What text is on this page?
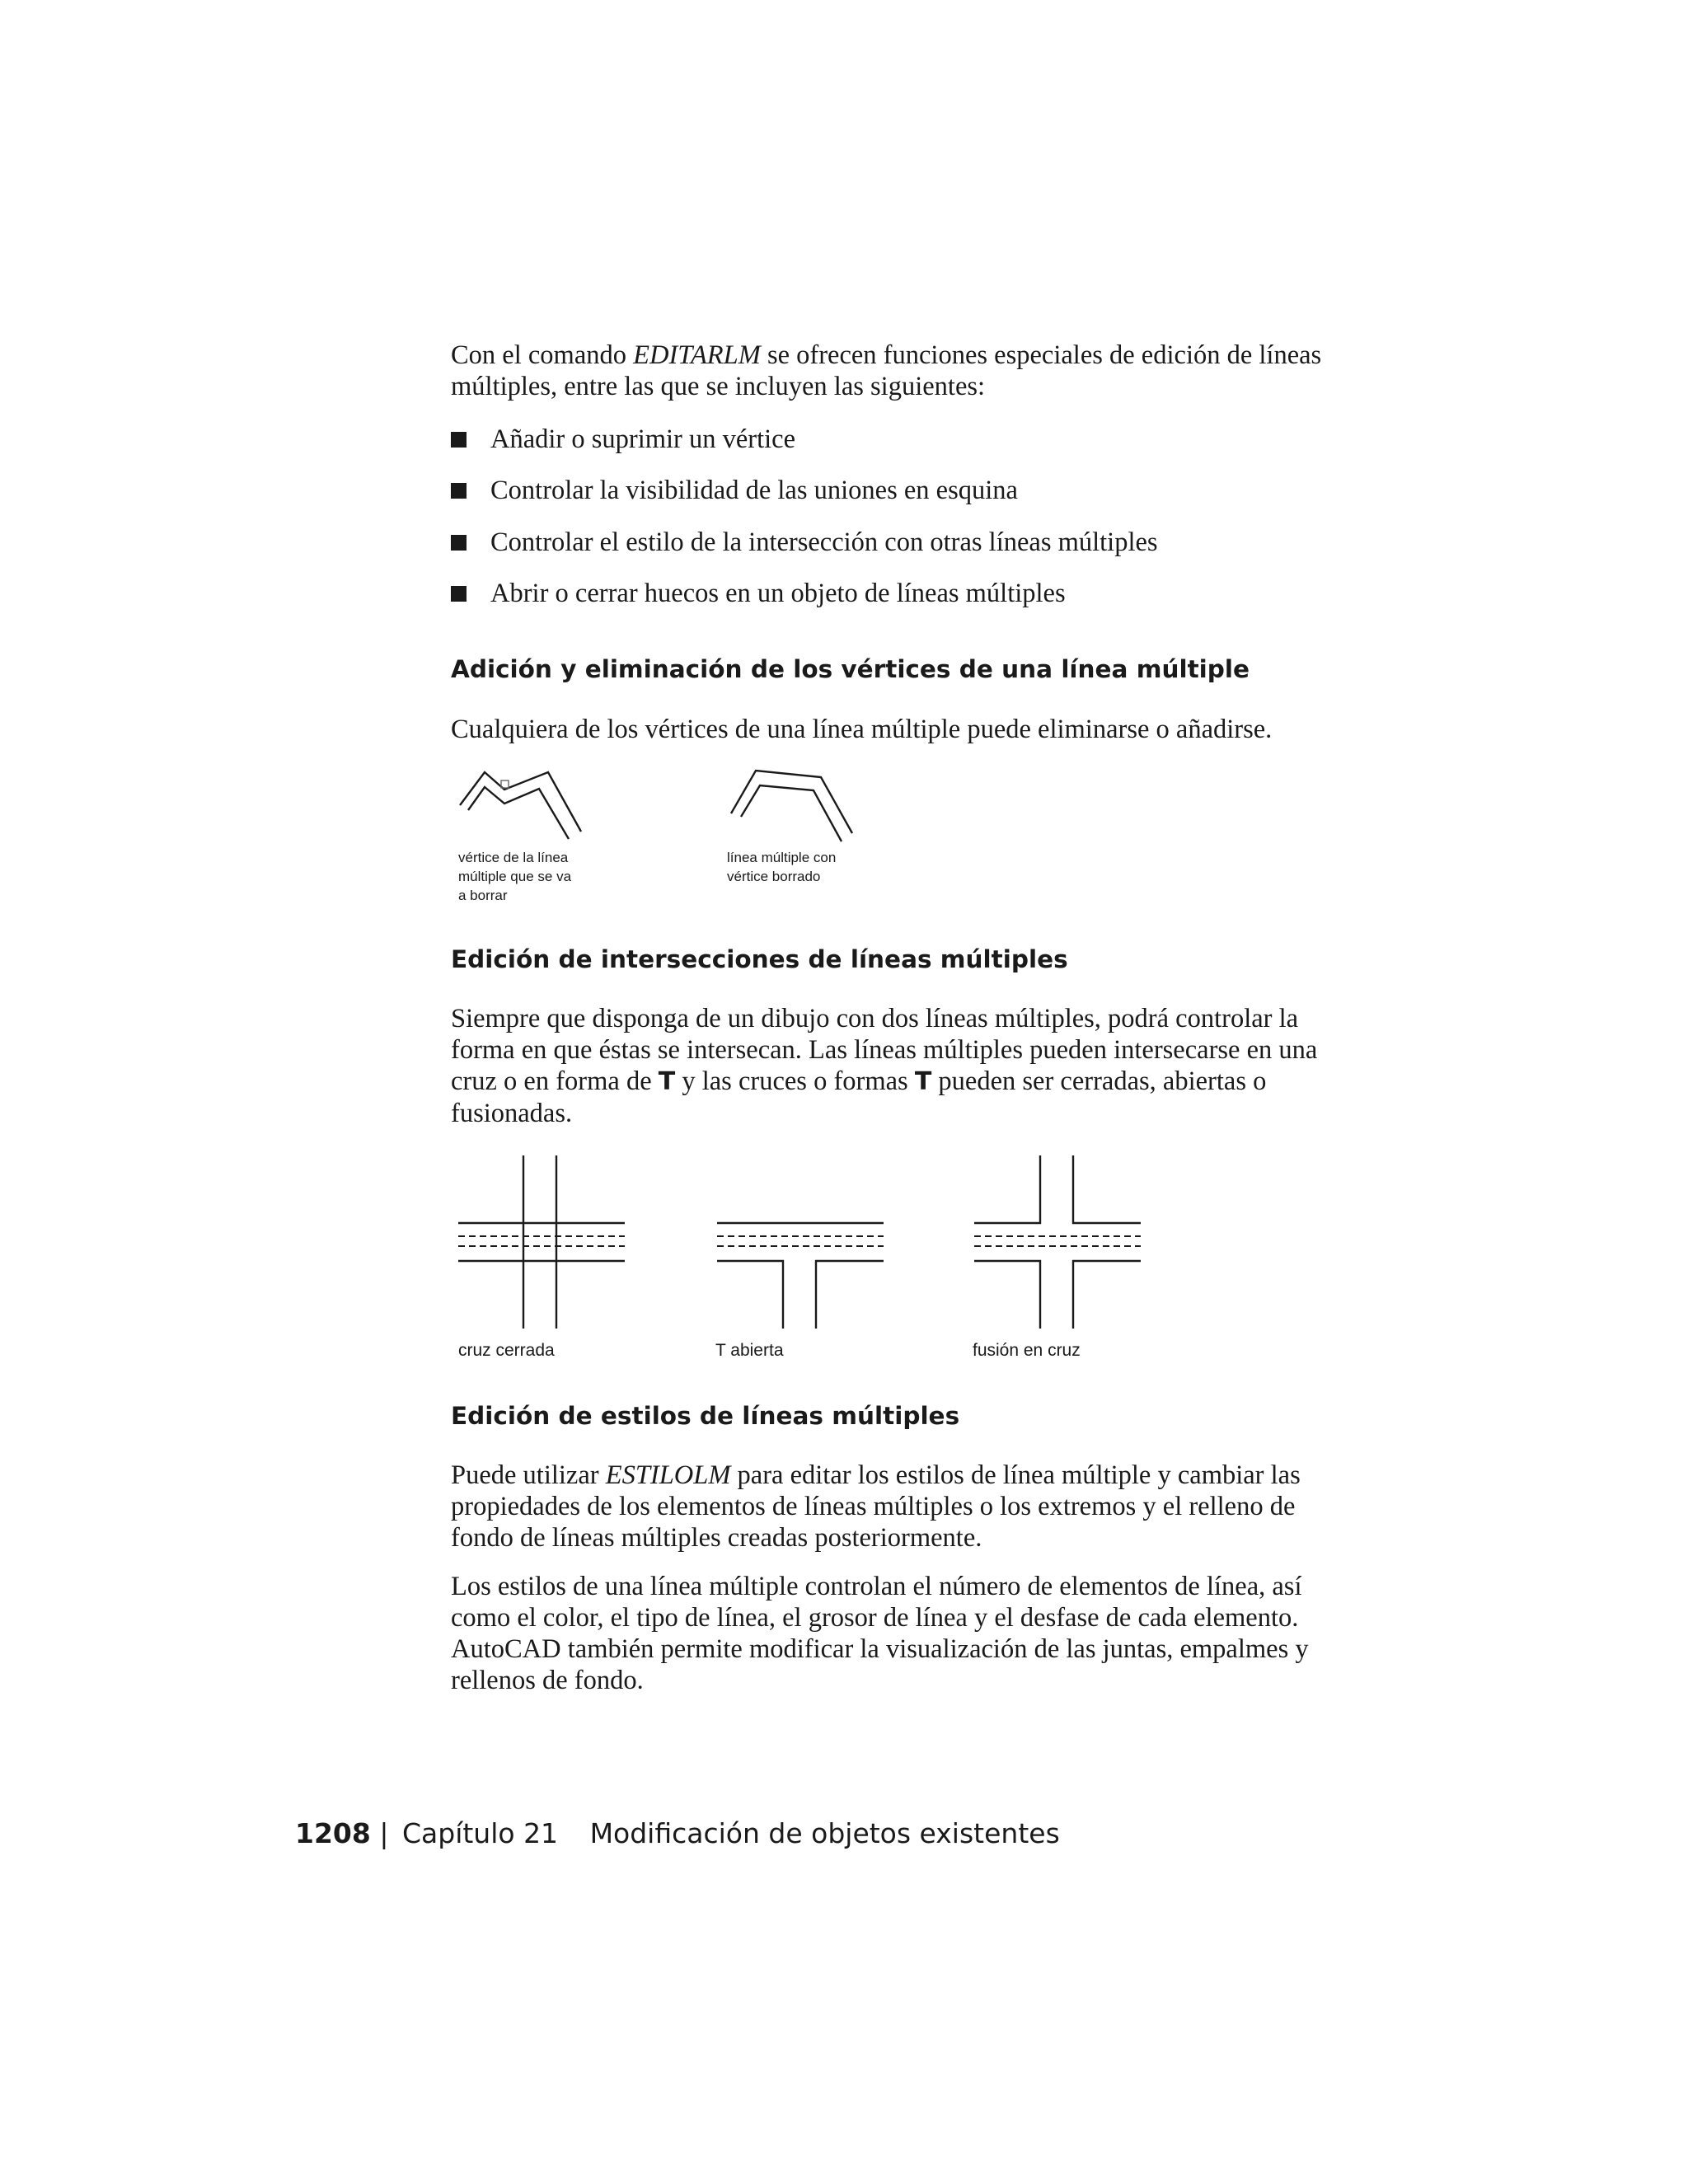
Con el comando EDITARLM se ofrecen funciones especiales de edición de líneas múltiples, entre las que se incluyen las siguientes:

Añadir o suprimir un vértice
Controlar la visibilidad de las uniones en esquina
Controlar el estilo de la intersección con otras líneas múltiples
Abrir o cerrar huecos en un objeto de líneas múltiples
Adición y eliminación de los vértices de una línea múltiple

Cualquiera de los vértices de una línea múltiple puede eliminarse o añadirse.

vértice de la línea
múltiple que se va
a borrar
línea múltiple con
vértice borrado
Edición de intersecciones de líneas múltiples

Siempre que disponga de un dibujo con dos líneas múltiples, podrá controlar la forma en que éstas se intersecan. Las líneas múltiples pueden intersecarse en una cruz o en forma de T y las cruces o formas T pueden ser cerradas, abiertas o fusionadas.

cruz cerrada	T abierta	fusión en cruz
Edición de estilos de líneas múltiples

Puede utilizar ESTILOLM para editar los estilos de línea múltiple y cambiar las propiedades de los elementos de líneas múltiples o los extremos y el relleno de fondo de líneas múltiples creadas posteriormente.

Los estilos de una línea múltiple controlan el número de elementos de línea, así como el color, el tipo de línea, el grosor de línea y el desfase de cada elemento. AutoCAD también permite modificar la visualización de las juntas, empalmes y rellenos de fondo.

1208 | Capítulo 21 Modificación de objetos existentes
